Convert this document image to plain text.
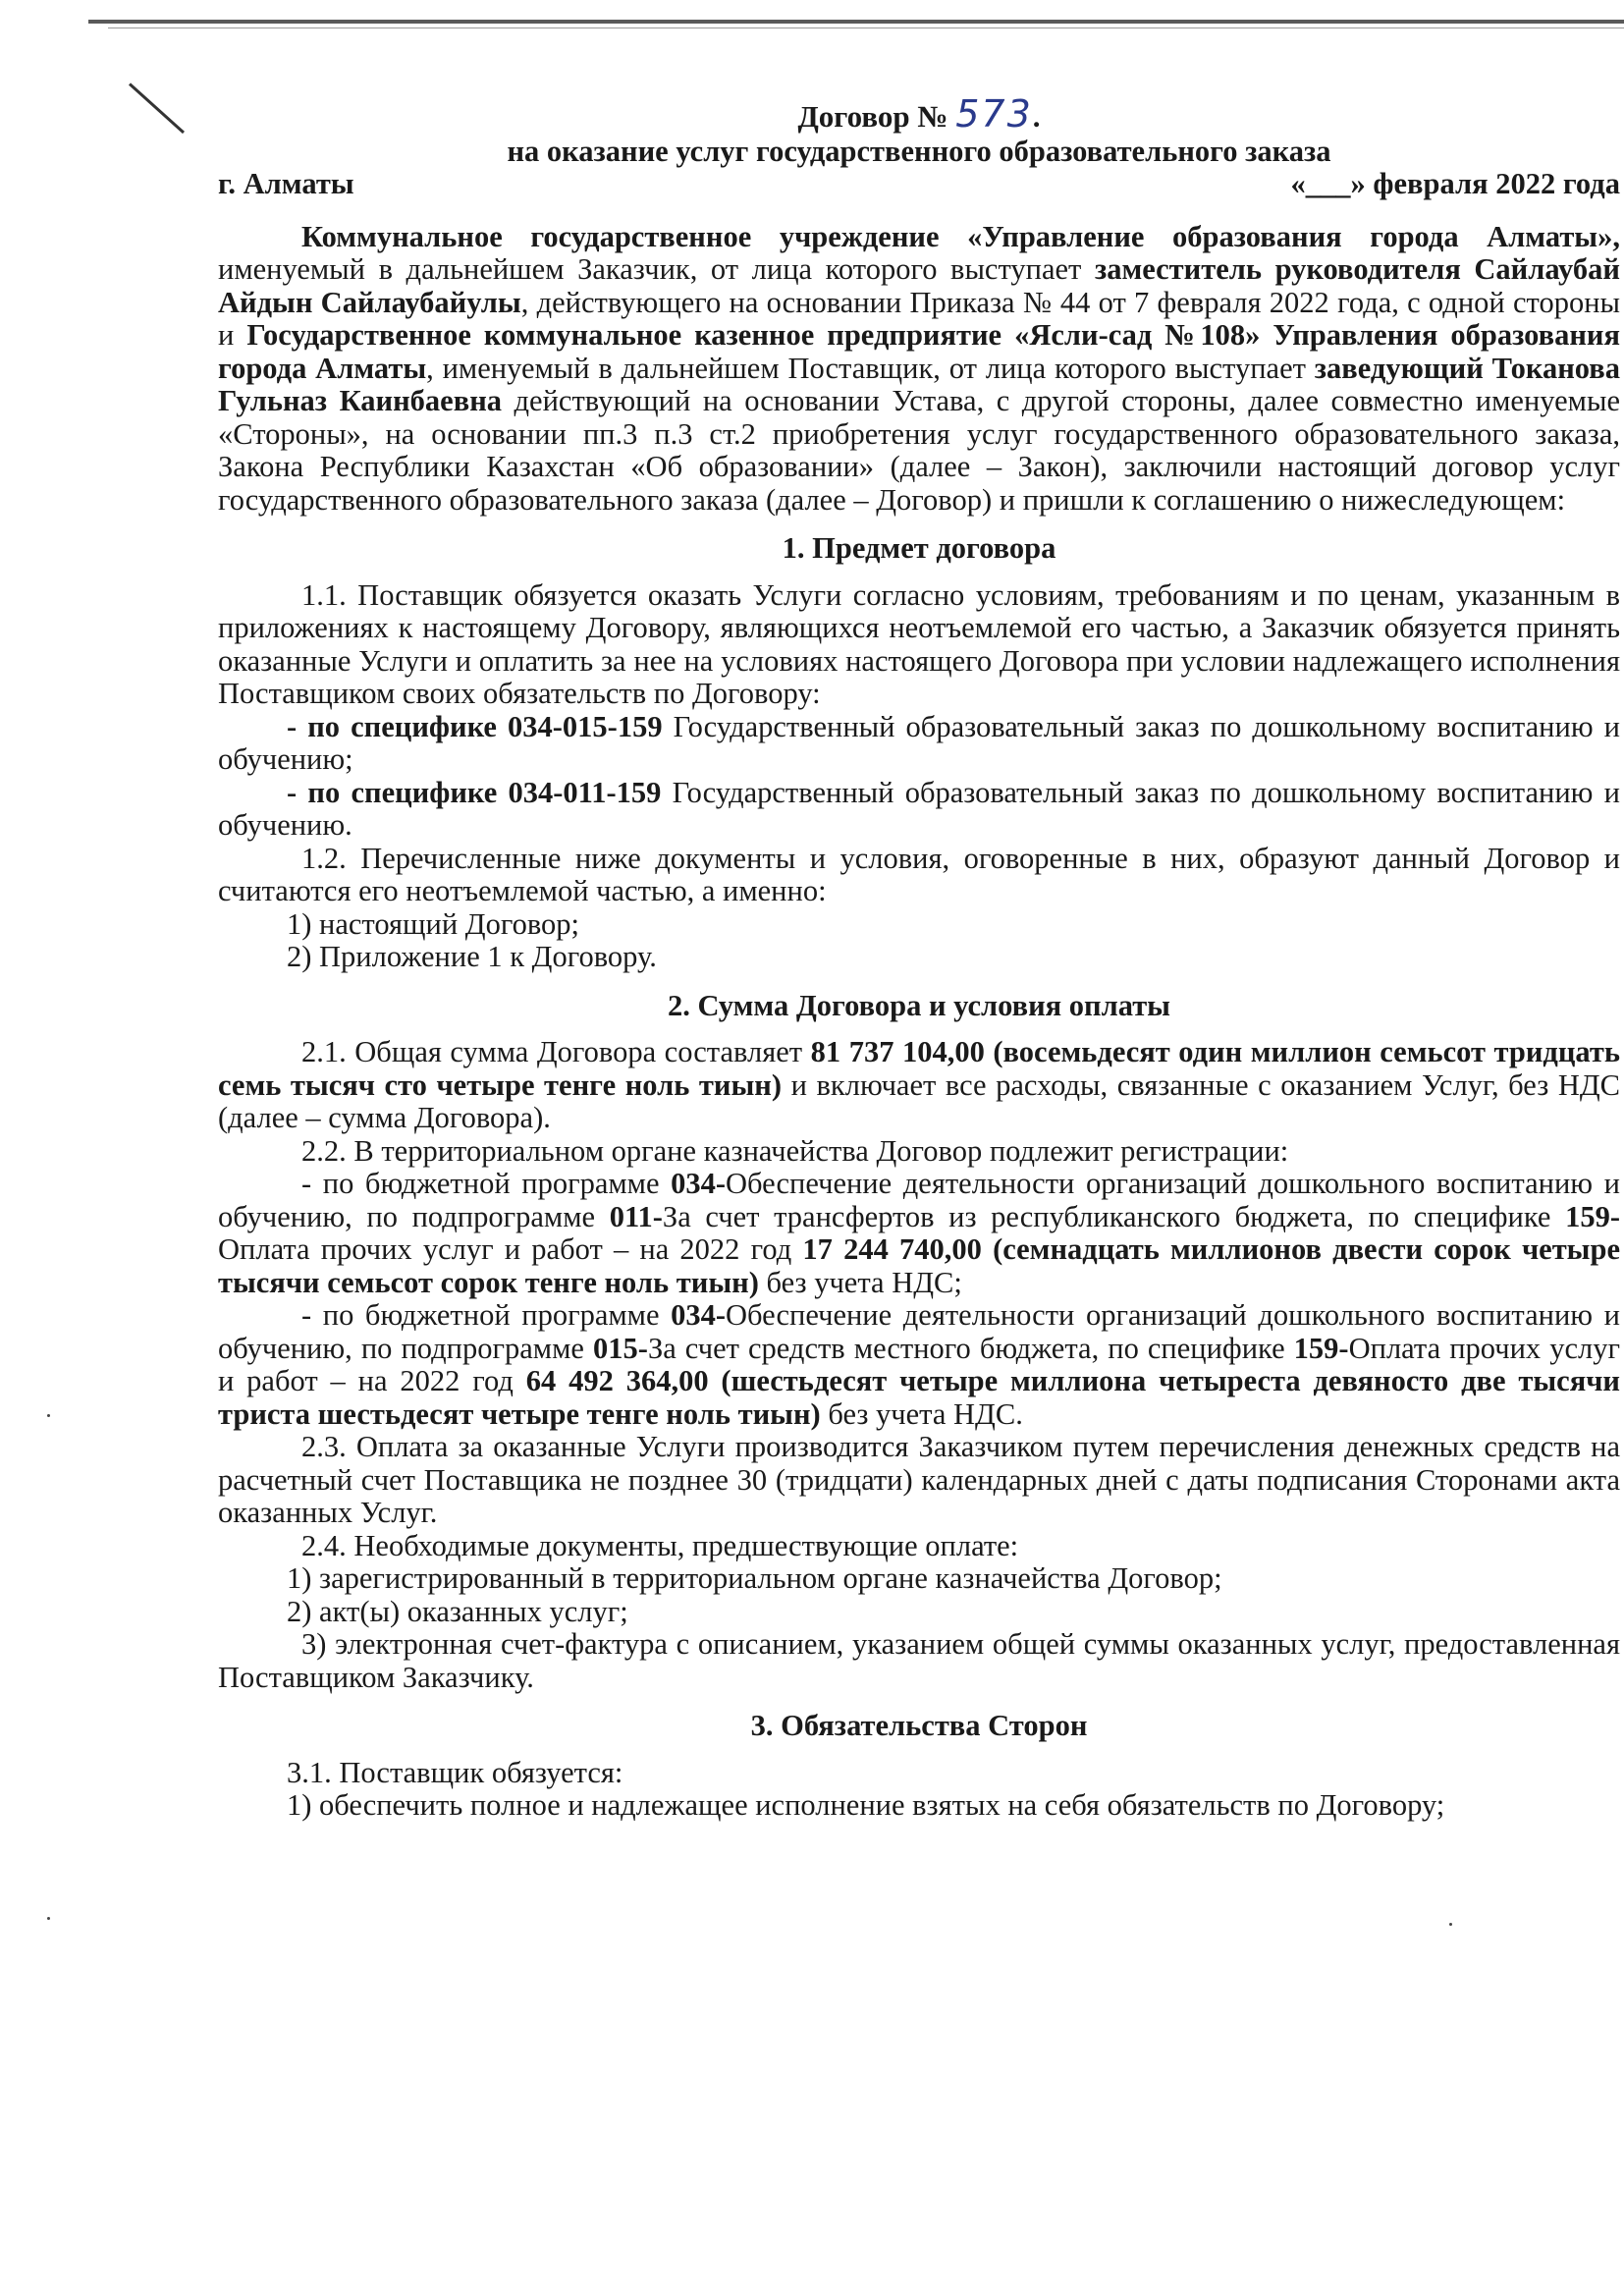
Договор № 573.
на оказание услуг государственного образовательного заказа
г. Алматы	«___» февраля 2022 года

Коммунальное государственное учреждение «Управление образования города Алматы», именуемый в дальнейшем Заказчик, от лица которого выступает заместитель руководителя Сайлаубай Айдын Сайлаубайулы, действующего на основании Приказа № 44 от 7 февраля 2022 года, с одной стороны и Государственное коммунальное казенное предприятие «Ясли-сад №108» Управления образования города Алматы, именуемый в дальнейшем Поставщик, от лица которого выступает заведующий Токанова Гульназ Каинбаевна действующий на основании Устава, с другой стороны, далее совместно именуемые «Стороны», на основании пп.3 п.3 ст.2 приобретения услуг государственного образовательного заказа, Закона Республики Казахстан «Об образовании» (далее – Закон), заключили настоящий договор услуг государственного образовательного заказа (далее – Договор) и пришли к соглашению о нижеследующем:

1. Предмет договора

1.1. Поставщик обязуется оказать Услуги согласно условиям, требованиям и по ценам, указанным в приложениях к настоящему Договору, являющихся неотъемлемой его частью, а Заказчик обязуется принять оказанные Услуги и оплатить за нее на условиях настоящего Договора при условии надлежащего исполнения Поставщиком своих обязательств по Договору:

- по специфике 034-015-159 Государственный образовательный заказ по дошкольному воспитанию и обучению;

- по специфике 034-011-159 Государственный образовательный заказ по дошкольному воспитанию и обучению.

1.2. Перечисленные ниже документы и условия, оговоренные в них, образуют данный Договор и считаются его неотъемлемой частью, а именно:

1) настоящий Договор;

2) Приложение 1 к Договору.

2. Сумма Договора и условия оплаты

2.1. Общая сумма Договора составляет 81 737 104,00 (восемьдесят один миллион семьсот тридцать семь тысяч сто четыре тенге ноль тиын) и включает все расходы, связанные с оказанием Услуг, без НДС (далее – сумма Договора).

2.2. В территориальном органе казначейства Договор подлежит регистрации:

- по бюджетной программе 034-Обеспечение деятельности организаций дошкольного воспитанию и обучению, по подпрограмме 011-За счет трансфертов из республиканского бюджета, по специфике 159-Оплата прочих услуг и работ – на 2022 год 17 244 740,00 (семнадцать миллионов двести сорок четыре тысячи семьсот сорок тенге ноль тиын) без учета НДС;

- по бюджетной программе 034-Обеспечение деятельности организаций дошкольного воспитанию и обучению, по подпрограмме 015-За счет средств местного бюджета, по специфике 159-Оплата прочих услуг и работ – на 2022 год 64 492 364,00 (шестьдесят четыре миллиона четыреста девяносто две тысячи триста шестьдесят четыре тенге ноль тиын) без учета НДС.

2.3. Оплата за оказанные Услуги производится Заказчиком путем перечисления денежных средств на расчетный счет Поставщика не позднее 30 (тридцати) календарных дней с даты подписания Сторонами акта оказанных Услуг.

2.4. Необходимые документы, предшествующие оплате:

1) зарегистрированный в территориальном органе казначейства Договор;

2) акт(ы) оказанных услуг;

3) электронная счет-фактура с описанием, указанием общей суммы оказанных услуг, предоставленная Поставщиком Заказчику.

3. Обязательства Сторон

3.1. Поставщик обязуется:

1) обеспечить полное и надлежащее исполнение взятых на себя обязательств по Договору;
